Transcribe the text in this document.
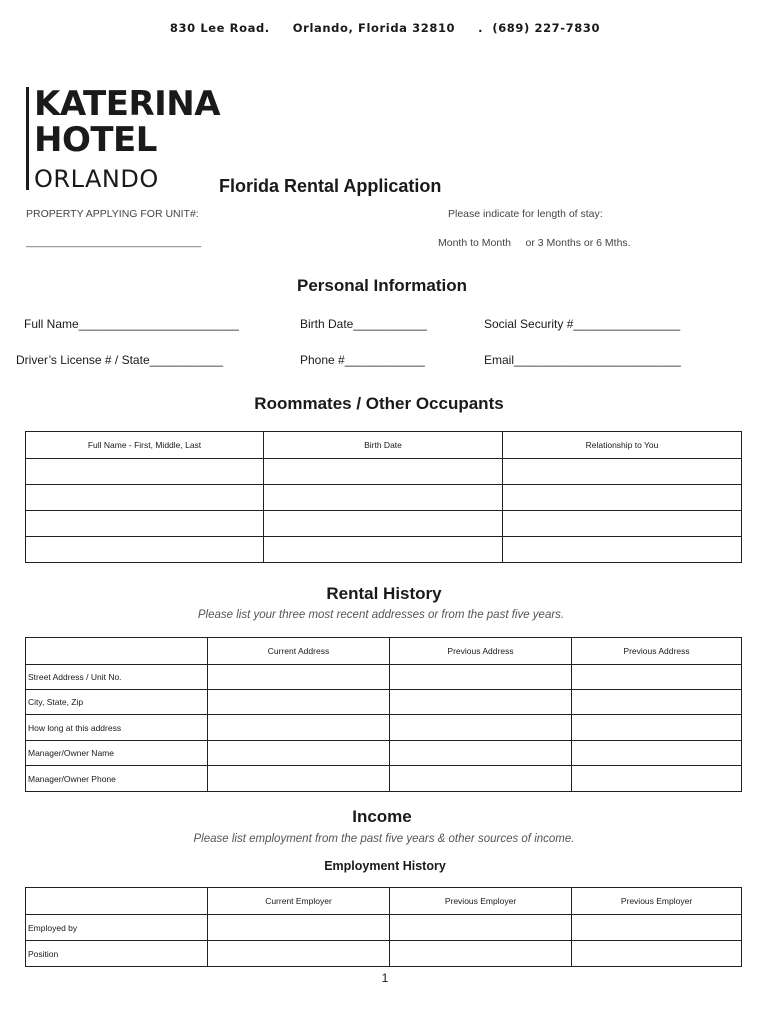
830 Lee Road.     Orlando, Florida 32810     .  (689) 227-7830
KATERINA
HOTEL
ORLANDO	Florida Rental Application
PROPERTY APPLYING FOR UNIT#:
______________________________
Please indicate for length of stay:
Month to Month     or 3 Months or 6 Mths.
Personal Information
Full Name________________________	Birth Date___________	Social Security #________________
Driver’s License # / State___________	Phone #____________	Email_________________________
Roommates / Other Occupants
Full Name - First, Middle, Last	Birth Date	Relationship to You

Rental History
Please list your three most recent addresses or from the past five years.
	Current Address	Previous Address	Previous Address
Street Address / Unit No.			
City, State, Zip			
How long at this address			
Manager/Owner Name			
Manager/Owner Phone			
Income
Please list employment from the past five years & other sources of income.
Employment History
	Current Employer	Previous Employer	Previous Employer
Employed by			
Position			
1
